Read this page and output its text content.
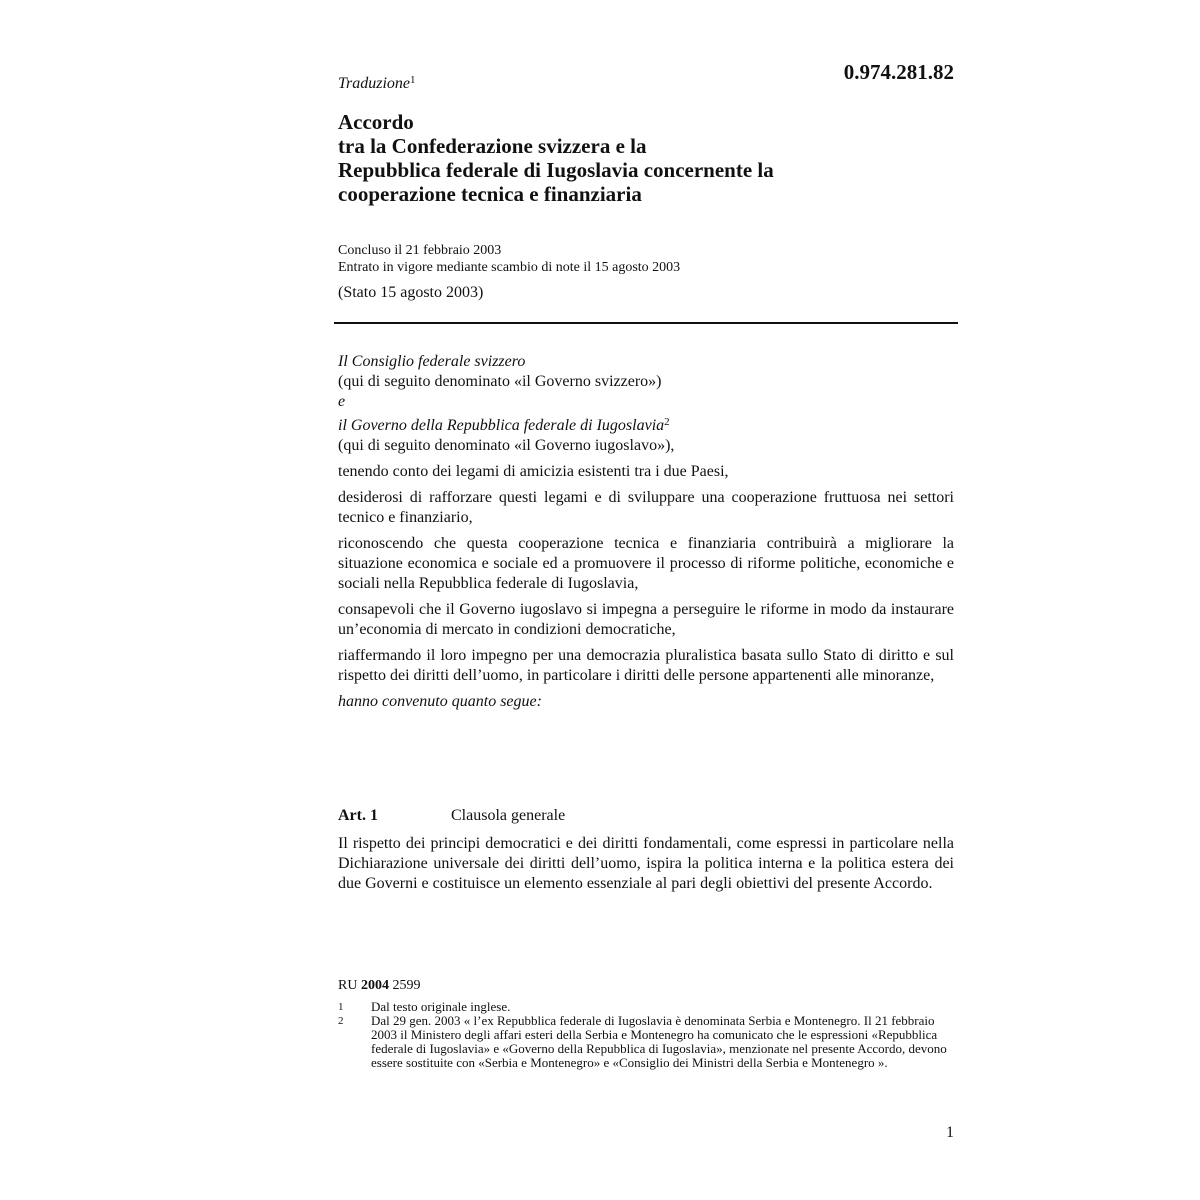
0.974.281.82
Traduzione$^1$
Accordo
tra la Confederazione svizzera e la
Repubblica federale di Iugoslavia concernente la
cooperazione tecnica e finanziaria
Concluso il 21 febbraio 2003
Entrato in vigore mediante scambio di note il 15 agosto 2003
(Stato 15 agosto 2003)
Il Consiglio federale svizzero
(qui di seguito denominato «il Governo svizzero»)
e
il Governo della Repubblica federale di Iugoslavia$^2$
(qui di seguito denominato «il Governo iugoslavo»),
tenendo conto dei legami di amicizia esistenti tra i due Paesi,
desiderosi di rafforzare questi legami e di sviluppare una cooperazione fruttuosa nei settori tecnico e finanziario,
riconoscendo che questa cooperazione tecnica e finanziaria contribuirà a migliorare la situazione economica e sociale ed a promuovere il processo di riforme politiche, economiche e sociali nella Repubblica federale di Iugoslavia,
consapevoli che il Governo iugoslavo si impegna a perseguire le riforme in modo da instaurare un’economia di mercato in condizioni democratiche,
riaffermando il loro impegno per una democrazia pluralistica basata sullo Stato di diritto e sul rispetto dei diritti dell’uomo, in particolare i diritti delle persone appartenenti alle minoranze,
hanno convenuto quanto segue:
Art. 1	Clausola generale
Il rispetto dei principi democratici e dei diritti fondamentali, come espressi in particolare nella Dichiarazione universale dei diritti dell’uomo, ispira la politica interna e la politica estera dei due Governi e costituisce un elemento essenziale al pari degli obiettivi del presente Accordo.
RU 2004 2599
1	Dal testo originale inglese.
2	Dal 29 gen. 2003 « l’ex Repubblica federale di Iugoslavia è denominata Serbia e Montenegro. Il 21 febbraio 2003 il Ministero degli affari esteri della Serbia e Montenegro ha comunicato che le espressioni «Repubblica federale di Iugoslavia» e «Governo della Repubblica di Iugoslavia», menzionate nel presente Accordo, devono essere sostituite con «Serbia e Montenegro» e «Consiglio dei Ministri della Serbia e Montenegro ».
1
